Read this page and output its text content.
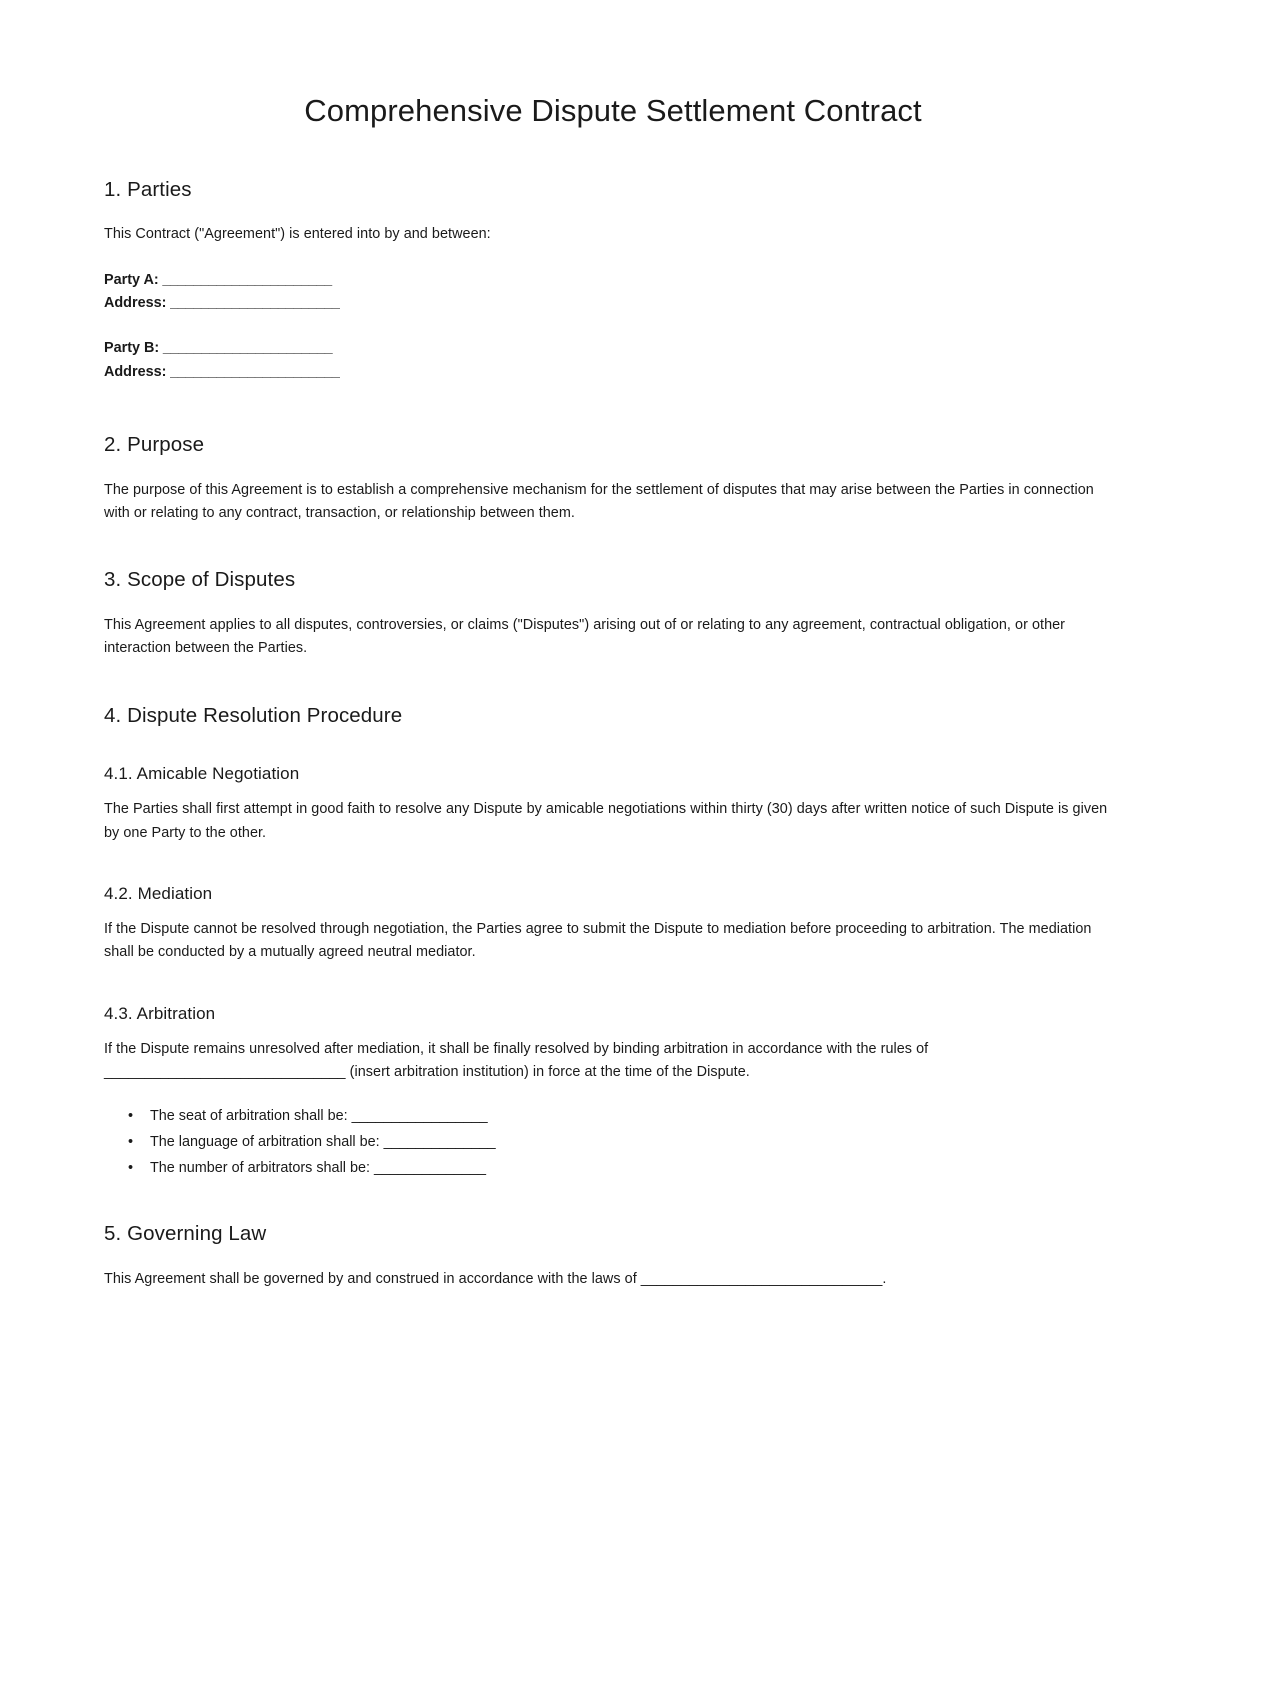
Comprehensive Dispute Settlement Contract
1. Parties

This Contract ("Agreement") is entered into by and between:

Party A: ______________________
Address: ______________________
Party B: ______________________
Address: ______________________
2. Purpose

The purpose of this Agreement is to establish a comprehensive mechanism for the settlement of disputes that may arise between the Parties in connection with or relating to any contract, transaction, or relationship between them.

3. Scope of Disputes

This Agreement applies to all disputes, controversies, or claims ("Disputes") arising out of or relating to any agreement, contractual obligation, or other interaction between the Parties.

4. Dispute Resolution Procedure
4.1. Amicable Negotiation

The Parties shall first attempt in good faith to resolve any Dispute by amicable negotiations within thirty (30) days after written notice of such Dispute is given by one Party to the other.

4.2. Mediation

If the Dispute cannot be resolved through negotiation, the Parties agree to submit the Dispute to mediation before proceeding to arbitration. The mediation shall be conducted by a mutually agreed neutral mediator.

4.3. Arbitration

If the Dispute remains unresolved after mediation, it shall be finally resolved by binding arbitration in accordance with the rules of ______________________________ (insert arbitration institution) in force at the time of the Dispute.

• The seat of arbitration shall be: _________________
• The language of arbitration shall be: ______________
• The number of arbitrators shall be: ______________
5. Governing Law

This Agreement shall be governed by and construed in accordance with the laws of ______________________________.
